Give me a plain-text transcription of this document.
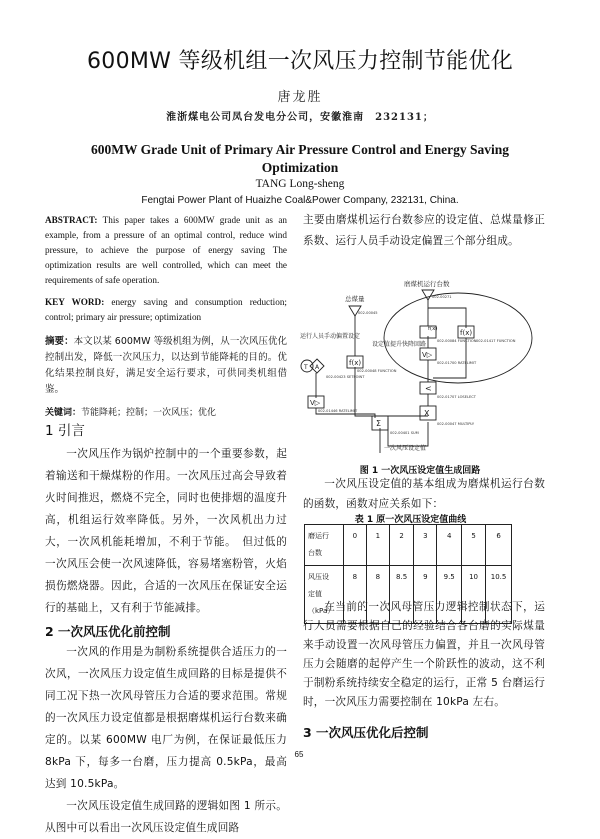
600MW 等级机组一次风压力控制节能优化
唐龙胜
淮浙煤电公司凤台发电分公司，安徽淮南　232131；
600MW Grade Unit of Primary Air Pressure Control and Energy Saving Optimization
TANG Long-sheng
Fengtai Power Plant of Huaizhe Coal&Power Company, 232131, China.
ABSTRACT: This paper takes a 600MW grade unit as an example, from a pressure of an optimal control, reduce wind pressure, to achieve the purpose of energy saving The optimization results are well controlled, which can meet the requirements of safe operation.
KEY WORD: energy saving and consumption reduction; control; primary air pressure; optimization
摘要：本文以某 600MW 等级机组为例，从一次风压优化控制出发，降低一次风压力，以达到节能降耗的目的。优化结果控制良好，满足安全运行要求，可供同类机组借鉴。
关键词：节能降耗；控制；一次风压；优化
1 引言
一次风压作为锅炉控制中的一个重要参数，起着输送和干燥煤粉的作用。一次风压过高会导致着火时间推迟，燃烧不完全，同时也使排烟的温度升高，机组运行效率降低。另外，一次风机出力过大，一次风机能耗增加，不利于节能。　但过低的一次风压会使一次风速降低，容易堵塞粉管，火焰损伤燃烧器。因此，合适的一次风压在保证安全运行的基础上，又有利于节能减排。
2 一次风压优化前控制
一次风的作用是为制粉系统提供合适压力的一次风，一次风压力设定值生成回路的目标是提供不同工况下热一次风母管压力合适的要求范围。常规的一次风压力设定值都是根据磨煤机运行台数来确定的。以某 600MW 电厂为例，在保证最低压力 8kPa 下，每多一台磨，压力提高 0.5kPa，最高达到 10.5kPa。
一次风压设定值生成回路的逻辑如图 1 所示。从图中可以看出一次风压设定值生成回路
主要由磨煤机运行台数参应的设定值、总煤量修正系数、运行人员手动设定偏置三个部分组成。
f(x)	f(x)
V▷
f(x)
<
X
V▷
Σ
T A
磨煤机运行台数
总煤量
运行人员手动偏置设定
设定值提升快降回路
一次风压设定值
002-00271
002-00045
002-00048 FUNCTION
002-00084 FUNCTION 002-01417 FUNCTION
002-01700 RATELIMIT
002-01707 LOSELECT
002-00047 MULTIPLY
002-00423 SETPOINT
002-01446 RATELIMIT
002-00401 SUM
图 1 一次风压设定值生成回路
一次风压设定值的基本组成为磨煤机运行台数的函数，函数对应关系如下：
表 1 原一次风压设定值曲线
磨运行
台数	0	1	2	3	4	5	6

风压设
定值
（kPa）	8	8	8.5	9	9.5	10	10.5
在当前的一次风母管压力逻辑控制状态下，运行人员需要根据自己的经验结合各台磨的实际煤量来手动设置一次风母管压力偏置，并且一次风母管压力会随磨的起停产生一个阶跃性的波动，这不利于制粉系统持续安全稳定的运行，正常 5 台磨运行时，一次风压力需要控制在 10kPa 左右。
3 一次风压优化后控制
65
